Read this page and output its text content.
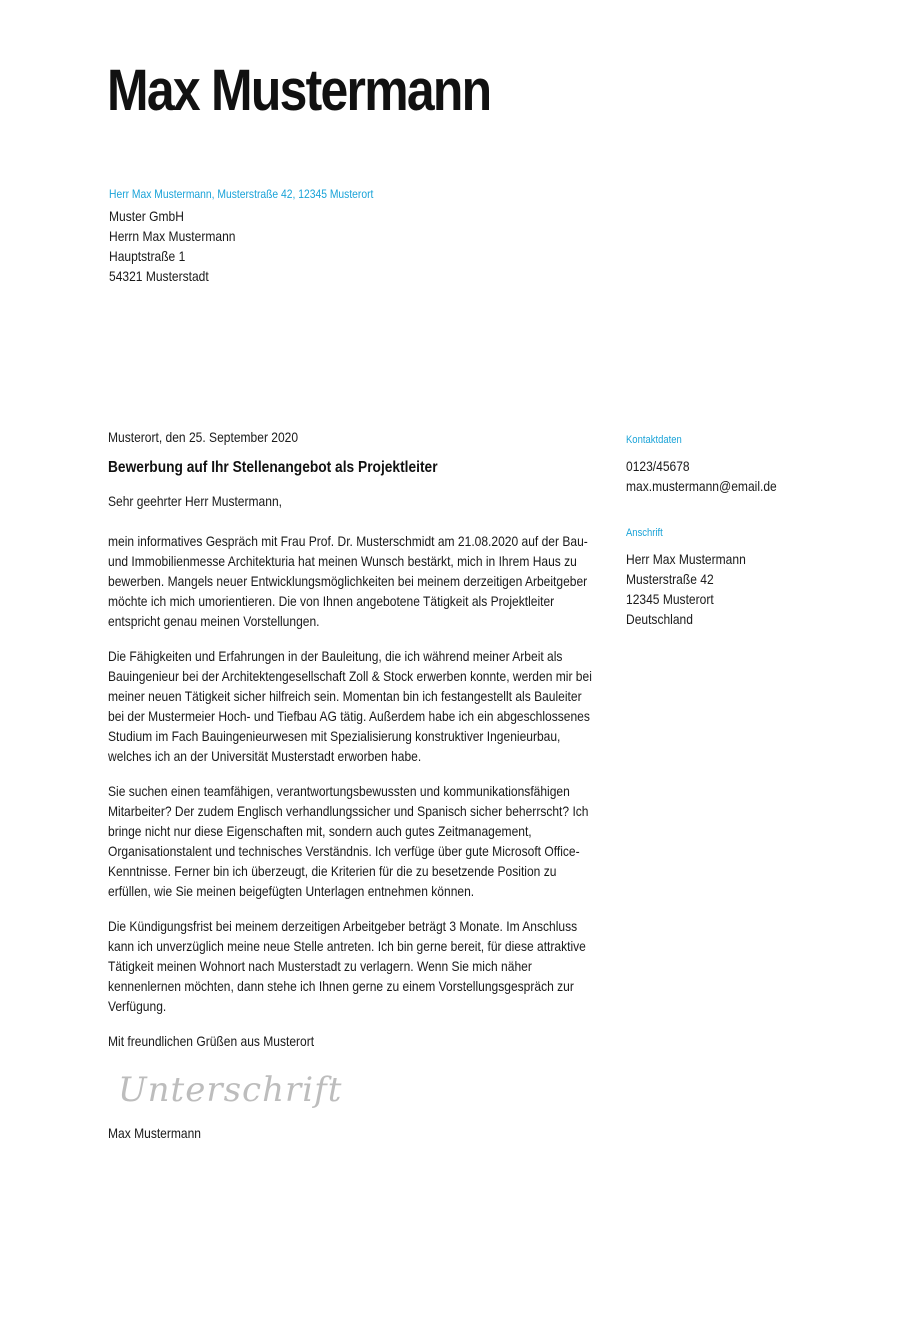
Max Mustermann
Herr Max Mustermann, Musterstraße 42, 12345 Musterort
Muster GmbH
Herrn Max Mustermann
Hauptstraße 1
54321 Musterstadt
Musterort, den 25. September 2020
Bewerbung auf Ihr Stellenangebot als Projektleiter
Sehr geehrter Herr Mustermann,

mein informatives Gespräch mit Frau Prof. Dr. Musterschmidt am 21.08.2020 auf der Bau- und Immobilienmesse Architekturia hat meinen Wunsch bestärkt, mich in Ihrem Haus zu bewerben. Mangels neuer Entwicklungsmöglichkeiten bei meinem derzeitigen Arbeitgeber möchte ich mich umorientieren. Die von Ihnen angebotene Tätigkeit als Projektleiter entspricht genau meinen Vorstellungen.

Die Fähigkeiten und Erfahrungen in der Bauleitung, die ich während meiner Arbeit als Bauingenieur bei der Architektengesellschaft Zoll & Stock erwerben konnte, werden mir bei meiner neuen Tätigkeit sicher hilfreich sein. Momentan bin ich festangestellt als Bauleiter bei der Mustermeier Hoch- und Tiefbau AG tätig. Außerdem habe ich ein abgeschlossenes Studium im Fach Bauingenieurwesen mit Spezialisierung konstruktiver Ingenieurbau, welches ich an der Universität Musterstadt erworben habe.

Sie suchen einen teamfähigen, verantwortungsbewussten und kommunikationsfähigen Mitarbeiter? Der zudem Englisch verhandlungssicher und Spanisch sicher beherrscht? Ich bringe nicht nur diese Eigenschaften mit, sondern auch gutes Zeitmanagement, Organisationstalent und technisches Verständnis. Ich verfüge über gute Microsoft Office-Kenntnisse. Ferner bin ich überzeugt, die Kriterien für die zu besetzende Position zu erfüllen, wie Sie meinen beigefügten Unterlagen entnehmen können.

Die Kündigungsfrist bei meinem derzeitigen Arbeitgeber beträgt 3 Monate. Im Anschluss kann ich unverzüglich meine neue Stelle antreten. Ich bin gerne bereit, für diese attraktive Tätigkeit meinen Wohnort nach Musterstadt zu verlagern. Wenn Sie mich näher kennenlernen möchten, dann stehe ich Ihnen gerne zu einem Vorstellungsgespräch zur Verfügung.

Mit freundlichen Grüßen aus Musterort
Unterschrift
Max Mustermann
Kontaktdaten
0123/45678
max.mustermann@email.de
Anschrift
Herr Max Mustermann
Musterstraße 42
12345 Musterort
Deutschland
